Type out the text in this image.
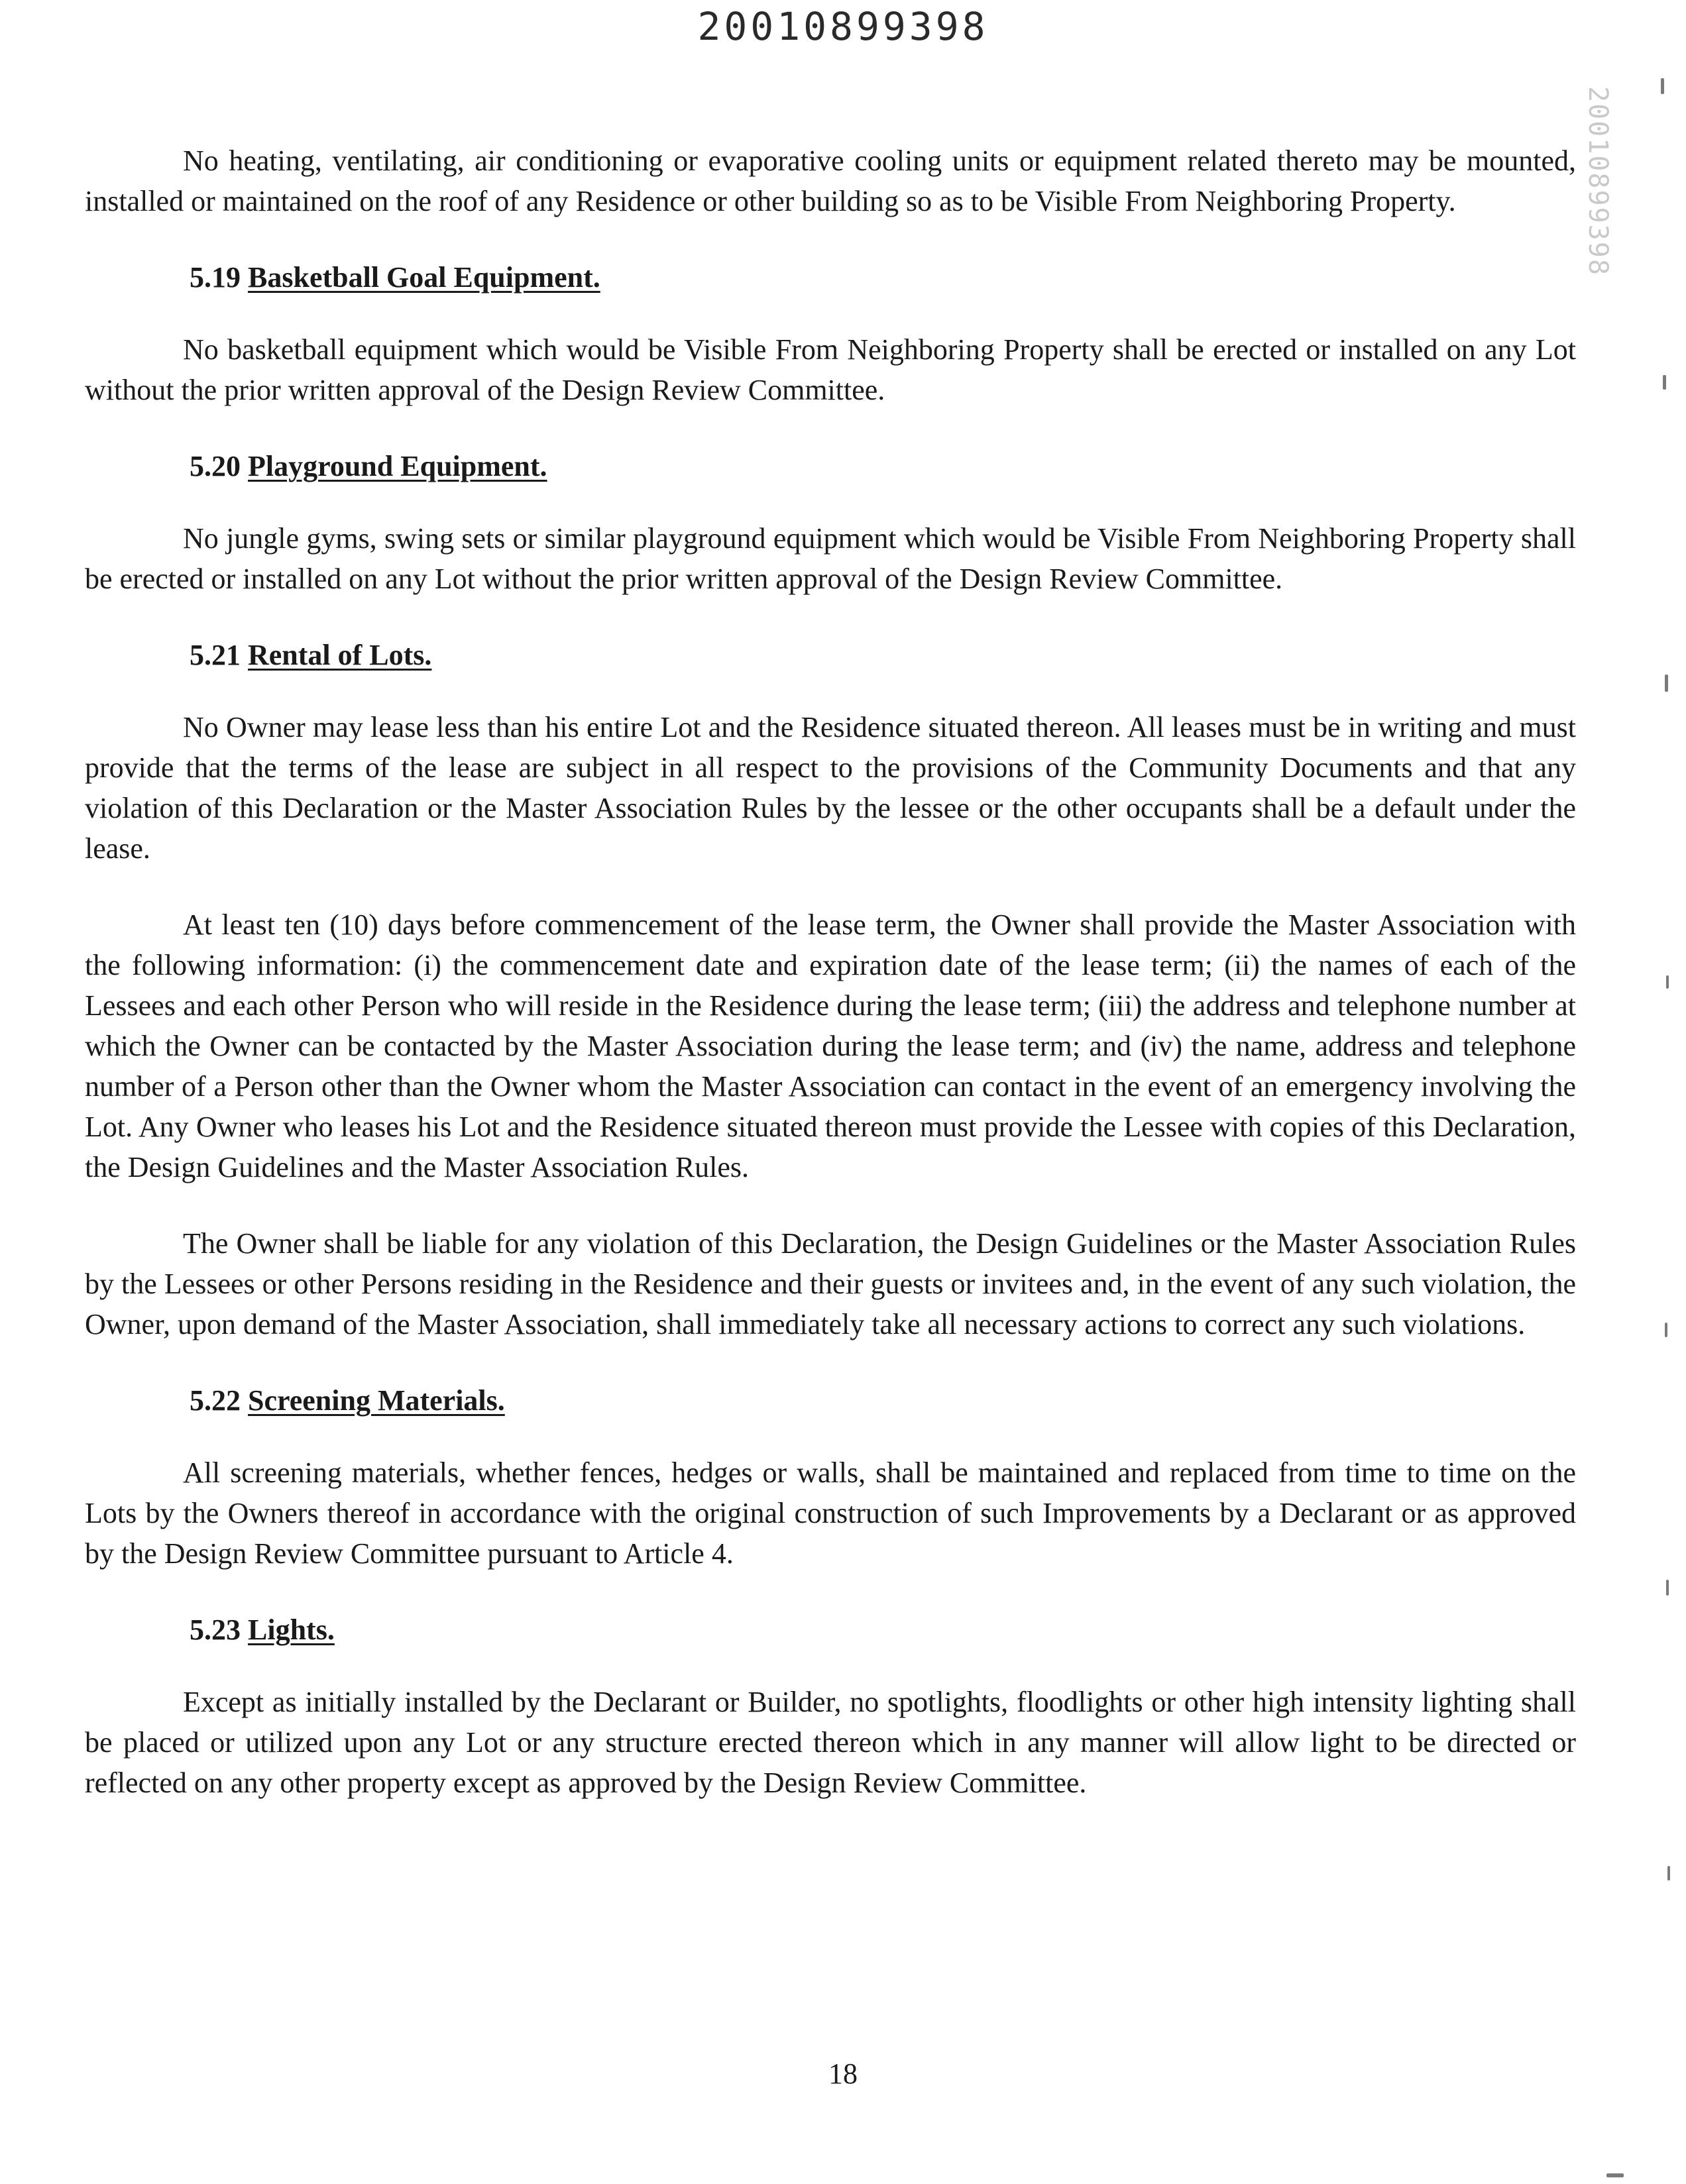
20010899398
20010899398

No heating, ventilating, air conditioning or evaporative cooling units or equipment related thereto may be mounted, installed or maintained on the roof of any Residence or other building so as to be Visible From Neighboring Property.

5.19 Basketball Goal Equipment.

No basketball equipment which would be Visible From Neighboring Property shall be erected or installed on any Lot without the prior written approval of the Design Review Committee.

5.20 Playground Equipment.

No jungle gyms, swing sets or similar playground equipment which would be Visible From Neighboring Property shall be erected or installed on any Lot without the prior written approval of the Design Review Committee.

5.21 Rental of Lots.

No Owner may lease less than his entire Lot and the Residence situated thereon. All leases must be in writing and must provide that the terms of the lease are subject in all respect to the provisions of the Community Documents and that any violation of this Declaration or the Master Association Rules by the lessee or the other occupants shall be a default under the lease.

At least ten (10) days before commencement of the lease term, the Owner shall provide the Master Association with the following information: (i) the commencement date and expiration date of the lease term; (ii) the names of each of the Lessees and each other Person who will reside in the Residence during the lease term; (iii) the address and telephone number at which the Owner can be contacted by the Master Association during the lease term; and (iv) the name, address and telephone number of a Person other than the Owner whom the Master Association can contact in the event of an emergency involving the Lot. Any Owner who leases his Lot and the Residence situated thereon must provide the Lessee with copies of this Declaration, the Design Guidelines and the Master Association Rules.

The Owner shall be liable for any violation of this Declaration, the Design Guidelines or the Master Association Rules by the Lessees or other Persons residing in the Residence and their guests or invitees and, in the event of any such violation, the Owner, upon demand of the Master Association, shall immediately take all necessary actions to correct any such violations.

5.22 Screening Materials.

All screening materials, whether fences, hedges or walls, shall be maintained and replaced from time to time on the Lots by the Owners thereof in accordance with the original construction of such Improvements by a Declarant or as approved by the Design Review Committee pursuant to Article 4.

5.23 Lights.

Except as initially installed by the Declarant or Builder, no spotlights, floodlights or other high intensity lighting shall be placed or utilized upon any Lot or any structure erected thereon which in any manner will allow light to be directed or reflected on any other property except as approved by the Design Review Committee.

18
